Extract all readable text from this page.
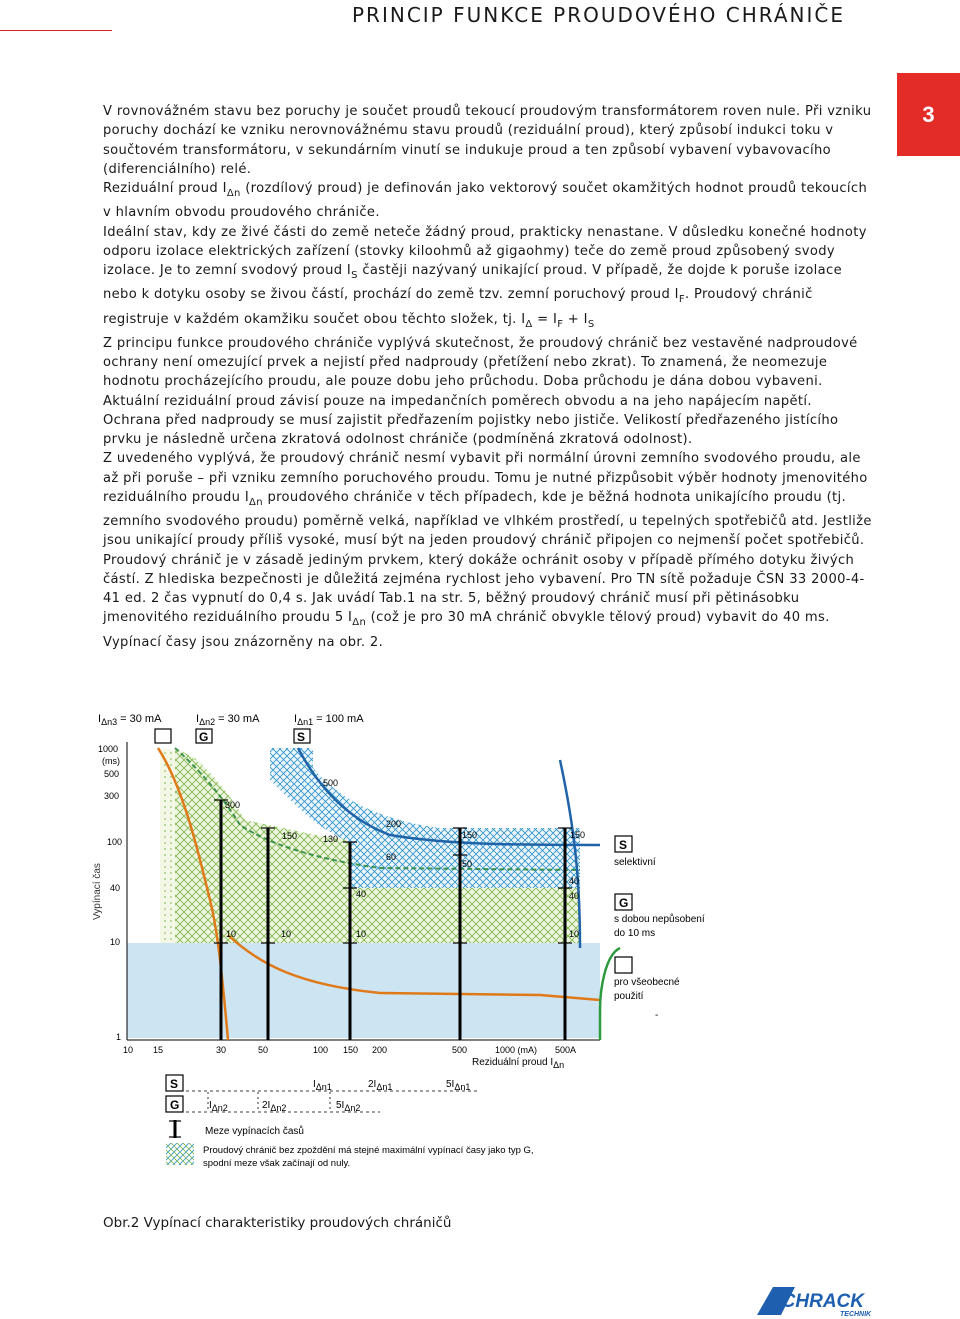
PRINCIP FUNKCE PROUDOVÉHO CHRÁNIČE
3

V rovnovážném stavu bez poruchy je součet proudů tekoucí proudovým transformátorem roven nule. Při vzniku poruchy dochází ke vzniku nerovnovážnému stavu proudů (reziduální proud), který způsobí indukci toku v součtovém transformátoru, v sekundárním vinutí se indukuje proud a ten způsobí vybavení vybavovacího (diferenciálního) relé.

Reziduální proud $I_{\Delta n}$ (rozdílový proud) je definován jako vektorový součet okamžitých hodnot proudů tekoucích v hlavním obvodu proudového chrániče.

Ideální stav, kdy ze živé části do země neteče žádný proud, prakticky nenastane. V důsledku konečné hodnoty odporu izolace elektrických zařízení (stovky kiloohmů až gigaohmy) teče do země proud způsobený svody izolace. Je to zemní svodový proud $I_S$ častěji nazývaný unikající proud. V případě, že dojde k poruše izolace nebo k dotyku osoby se živou částí, prochází do země tzv. zemní poruchový proud $I_F$. Proudový chránič registruje v každém okamžiku součet obou těchto složek, tj. $I_\Delta = I_F + I_S$

Z principu funkce proudového chrániče vyplývá skutečnost, že proudový chránič bez vestavěné nadproudové ochrany není omezující prvek a nejistí před nadproudy (přetížení nebo zkrat). To znamená, že neomezuje hodnotu procházejícího proudu, ale pouze dobu jeho průchodu. Doba průchodu je dána dobou vybaveni. Aktuální reziduální proud závisí pouze na impedančních poměrech obvodu a na jeho napájecím napětí. Ochrana před nadproudy se musí zajistit předřazením pojistky nebo jističe. Velikostí předřazeného jistícího prvku je následně určena zkratová odolnost chrániče (podmíněná zkratová odolnost).

Z uvedeného vyplývá, že proudový chránič nesmí vybavit při normální úrovni zemního svodového proudu, ale až při poruše – při vzniku zemního poruchového proudu. Tomu je nutné přizpůsobit výběr hodnoty jmenovitého reziduálního proudu $I_{\Delta n}$ proudového chrániče v těch případech, kde je běžná hodnota unikajícího proudu (tj. zemního svodového proudu) poměrně velká, například ve vlhkém prostředí, u tepelných spotřebičů atd. Jestliže jsou unikající proudy příliš vysoké, musí být na jeden proudový chránič připojen co nejmenší počet spotřebičů.

Proudový chránič je v zásadě jediným prvkem, který dokáže ochránit osoby v případě přímého dotyku živých částí. Z hlediska bezpečnosti je důležitá zejména rychlost jeho vybavení. Pro TN sítě požaduje ČSN 33 2000-4-41 ed. 2 čas vypnutí do 0,4 s. Jak uvádí Tab.1 na str. 5, běžný proudový chránič musí při pětinásobku jmenovitého reziduálního proudu 5 $I_{\Delta n}$ (což je pro 30 mA chránič obvykle tělový proud) vybavit do 40 ms. Vypínací časy jsou znázorněny na obr. 2.

$I_{\Delta n3} = 30$ mA	$I_{\Delta n2} = 30$ mA	$I_{\Delta n1} = 100$ mA
G	S
1000
(ms)
500
300
100
40
10
1
Vypínací čas
300
150	130
500
200
60
150
50
150
40
40
40
10	10	10	10
10 15	30	50	100 150 200	500	1000 (mA) 500A
Reziduální proud IΔn
S
selektivní
G
s dobou nepůsobení
do 10 ms
pro všeobecné
použití
-
S
G
IΔn1	2IΔn1	5IΔn1
IΔn2	2IΔn2	5IΔn2
Meze vypínacích časů
Proudový chránič bez zpoždění má stejné maximální vypínací časy jako typ G,
spodní meze však začínají od nuly.
Obr.2 Vypínací charakteristiky proudových chráničů
SCHRACK
TECHNIK
